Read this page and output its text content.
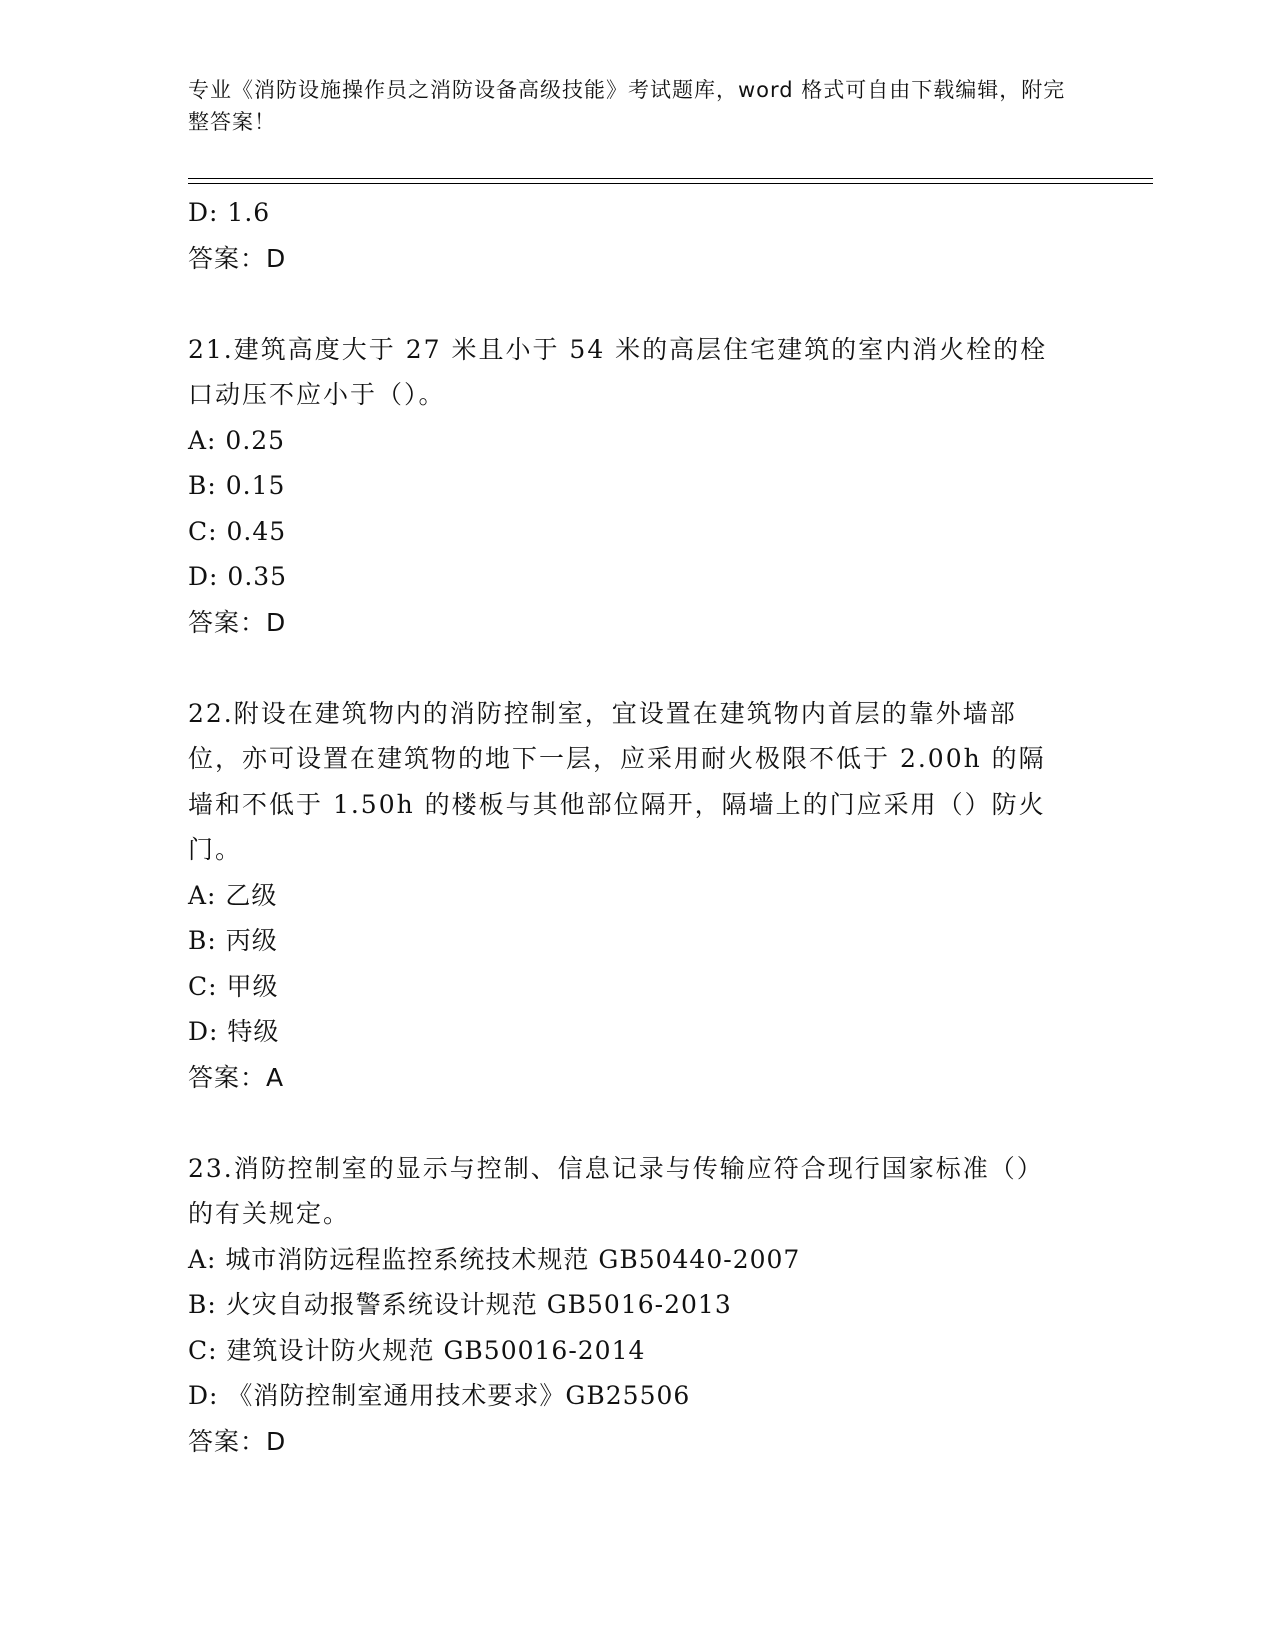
专业《消防设施操作员之消防设备高级技能》考试题库，word 格式可自由下载编辑，附完整答案！
D: 1.6
答案：D
21.建筑高度大于 27 米且小于 54 米的高层住宅建筑的室内消火栓的栓口动压不应小于（）。
A: 0.25
B: 0.15
C: 0.45
D: 0.35
答案：D
22.附设在建筑物内的消防控制室，宜设置在建筑物内首层的靠外墙部位，亦可设置在建筑物的地下一层，应采用耐火极限不低于 2.00h 的隔墙和不低于 1.50h 的楼板与其他部位隔开，隔墙上的门应采用（）防火门。
A: 乙级
B: 丙级
C: 甲级
D: 特级
答案：A
23.消防控制室的显示与控制、信息记录与传输应符合现行国家标准（）的有关规定。
A: 城市消防远程监控系统技术规范 GB50440-2007
B: 火灾自动报警系统设计规范 GB5016-2013
C: 建筑设计防火规范 GB50016-2014
D: 《消防控制室通用技术要求》GB25506
答案：D
